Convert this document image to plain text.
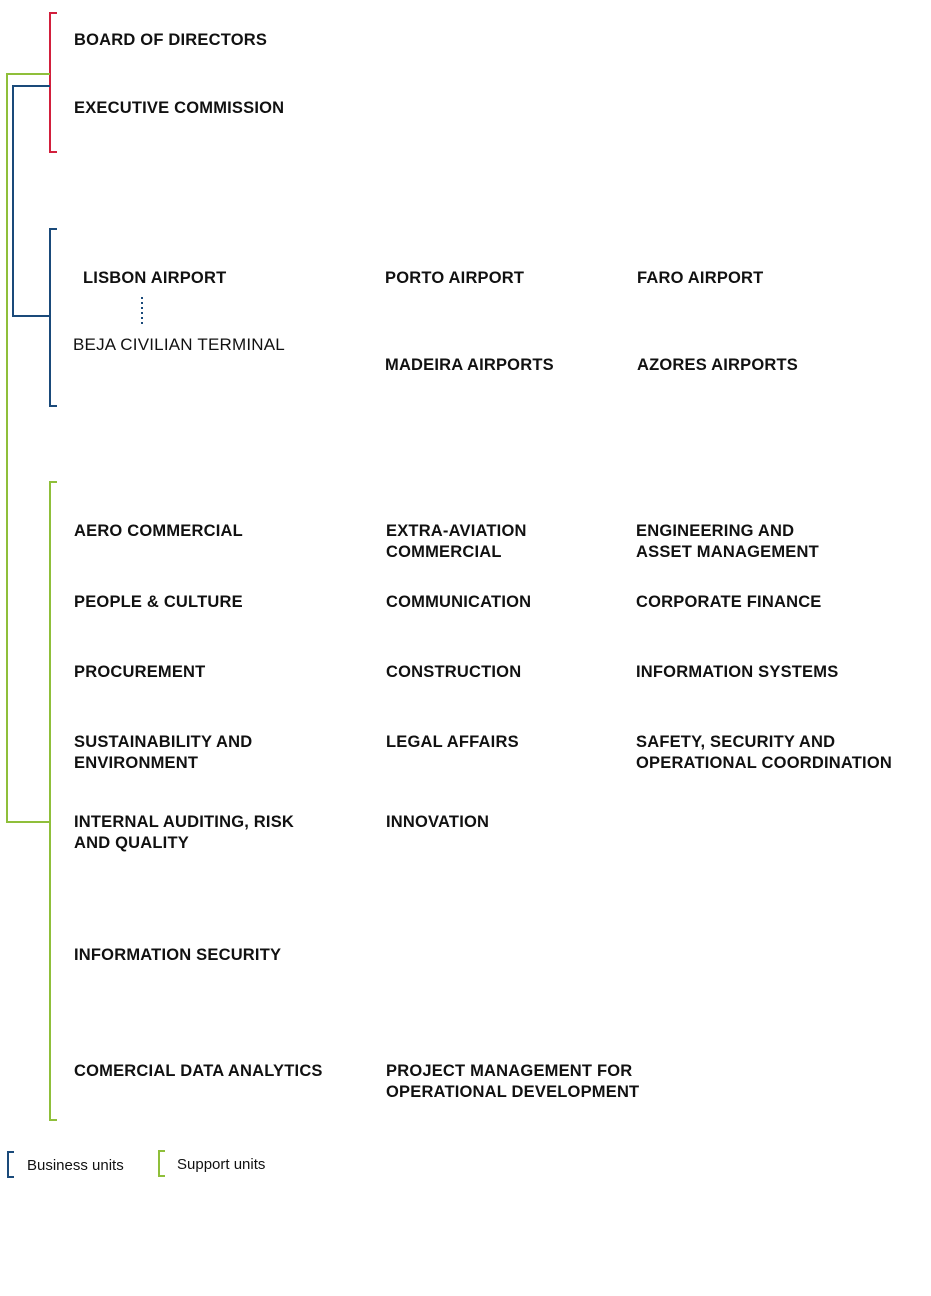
BOARD OF DIRECTORS
EXECUTIVE COMMISSION
LISBON AIRPORT
BEJA CIVILIAN TERMINAL
PORTO AIRPORT	FARO AIRPORT
MADEIRA AIRPORTS	AZORES AIRPORTS
AERO COMMERCIAL	EXTRA-AVIATION
COMMERCIAL
ENGINEERING AND
ASSET MANAGEMENT
PEOPLE & CULTURE	COMMUNICATION	CORPORATE FINANCE
PROCUREMENT	CONSTRUCTION	INFORMATION SYSTEMS
SUSTAINABILITY AND
ENVIRONMENT
LEGAL AFFAIRS	SAFETY, SECURITY AND
OPERATIONAL COORDINATION
INTERNAL AUDITING, RISK
AND QUALITY
INNOVATION
INFORMATION SECURITY
COMERCIAL DATA ANALYTICS	PROJECT MANAGEMENT FOR
OPERATIONAL DEVELOPMENT
Business units	Support units
